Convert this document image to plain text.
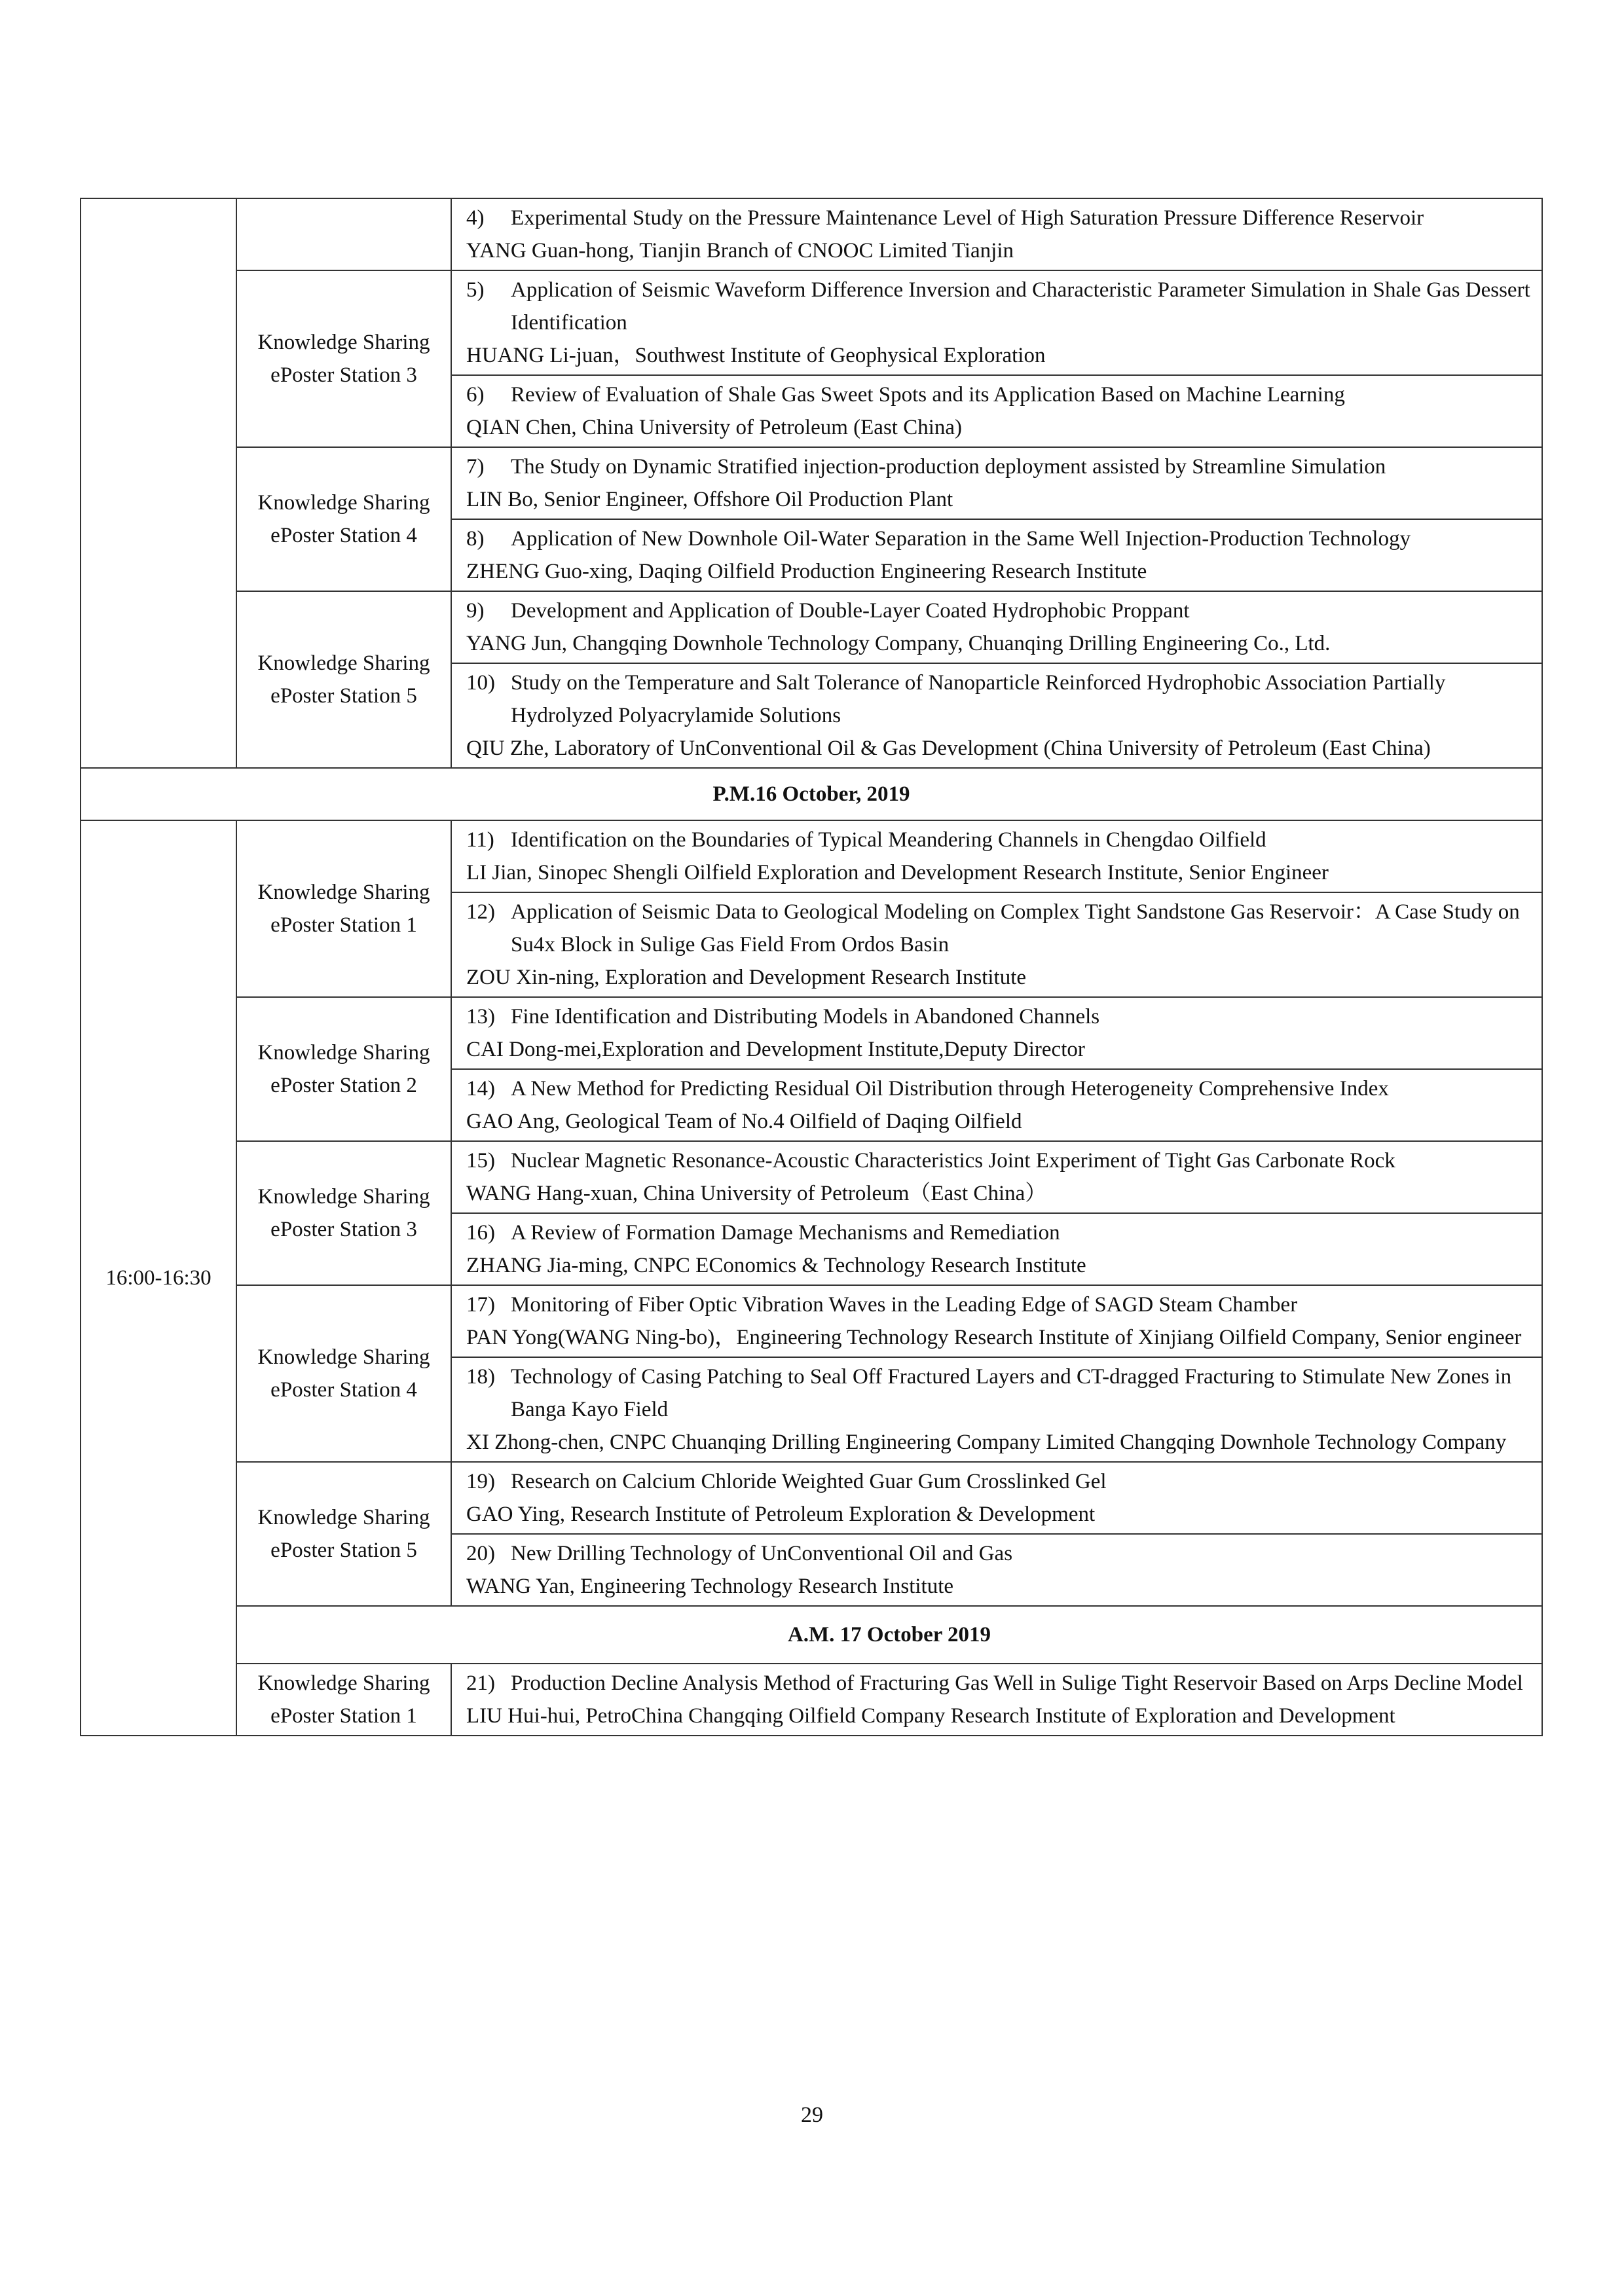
		4) Experimental Study on the Pressure Maintenance Level of High Saturation Pressure Difference Reservoir
YANG Guan-hong, Tianjin Branch of CNOOC Limited Tianjin

	Knowledge Sharing
ePoster Station 3	5) Application of Seismic Waveform Difference Inversion and Characteristic Parameter Simulation in Shale Gas Dessert Identification
HUANG Li-juan，Southwest Institute of Geophysical Exploration

		6) Review of Evaluation of Shale Gas Sweet Spots and its Application Based on Machine Learning
QIAN Chen, China University of Petroleum (East China)

	Knowledge Sharing
ePoster Station 4	7) The Study on Dynamic Stratified injection-production deployment assisted by Streamline Simulation
LIN Bo, Senior Engineer, Offshore Oil Production Plant

		8) Application of New Downhole Oil-Water Separation in the Same Well Injection-Production Technology
ZHENG Guo-xing, Daqing Oilfield Production Engineering Research Institute

	Knowledge Sharing
ePoster Station 5	9) Development and Application of Double-Layer Coated Hydrophobic Proppant
YANG Jun, Changqing Downhole Technology Company, Chuanqing Drilling Engineering Co., Ltd.

		10) Study on the Temperature and Salt Tolerance of Nanoparticle Reinforced Hydrophobic Association Partially Hydrolyzed Polyacrylamide Solutions
QIU Zhe, Laboratory of UnConventional Oil & Gas Development (China University of Petroleum (East China)

P.M.16 October, 2019		
16:00-16:30	Knowledge Sharing
ePoster Station 1	11) Identification on the Boundaries of Typical Meandering Channels in Chengdao Oilfield
LI Jian, Sinopec Shengli Oilfield Exploration and Development Research Institute, Senior Engineer

		12) Application of Seismic Data to Geological Modeling on Complex Tight Sandstone Gas Reservoir：A Case Study on Su4x Block in Sulige Gas Field From Ordos Basin
ZOU Xin-ning, Exploration and Development Research Institute

	Knowledge Sharing
ePoster Station 2	13) Fine Identification and Distributing Models in Abandoned Channels
CAI Dong-mei,Exploration and Development Institute,Deputy Director

		14) A New Method for Predicting Residual Oil Distribution through Heterogeneity Comprehensive Index
GAO Ang, Geological Team of No.4 Oilfield of Daqing Oilfield

	Knowledge Sharing
ePoster Station 3	15) Nuclear Magnetic Resonance-Acoustic Characteristics Joint Experiment of Tight Gas Carbonate Rock
WANG Hang-xuan, China University of Petroleum（East China）

		16) A Review of Formation Damage Mechanisms and Remediation
ZHANG Jia-ming, CNPC EConomics & Technology Research Institute

	Knowledge Sharing
ePoster Station 4	17) Monitoring of Fiber Optic Vibration Waves in the Leading Edge of SAGD Steam Chamber
PAN Yong(WANG Ning-bo)，Engineering Technology Research Institute of Xinjiang Oilfield Company, Senior engineer

		18) Technology of Casing Patching to Seal Off Fractured Layers and CT-dragged Fracturing to Stimulate New Zones in Banga Kayo Field
XI Zhong-chen, CNPC Chuanqing Drilling Engineering Company Limited Changqing Downhole Technology Company

	Knowledge Sharing
ePoster Station 5	19) Research on Calcium Chloride Weighted Guar Gum Crosslinked Gel
GAO Ying, Research Institute of Petroleum Exploration & Development

		20) New Drilling Technology of UnConventional Oil and Gas
WANG Yan, Engineering Technology Research Institute

	A.M. 17 October 2019	

	Knowledge Sharing
ePoster Station 1	21) Production Decline Analysis Method of Fracturing Gas Well in Sulige Tight Reservoir Based on Arps Decline Model
LIU Hui-hui, PetroChina Changqing Oilfield Company Research Institute of Exploration and Development
29
